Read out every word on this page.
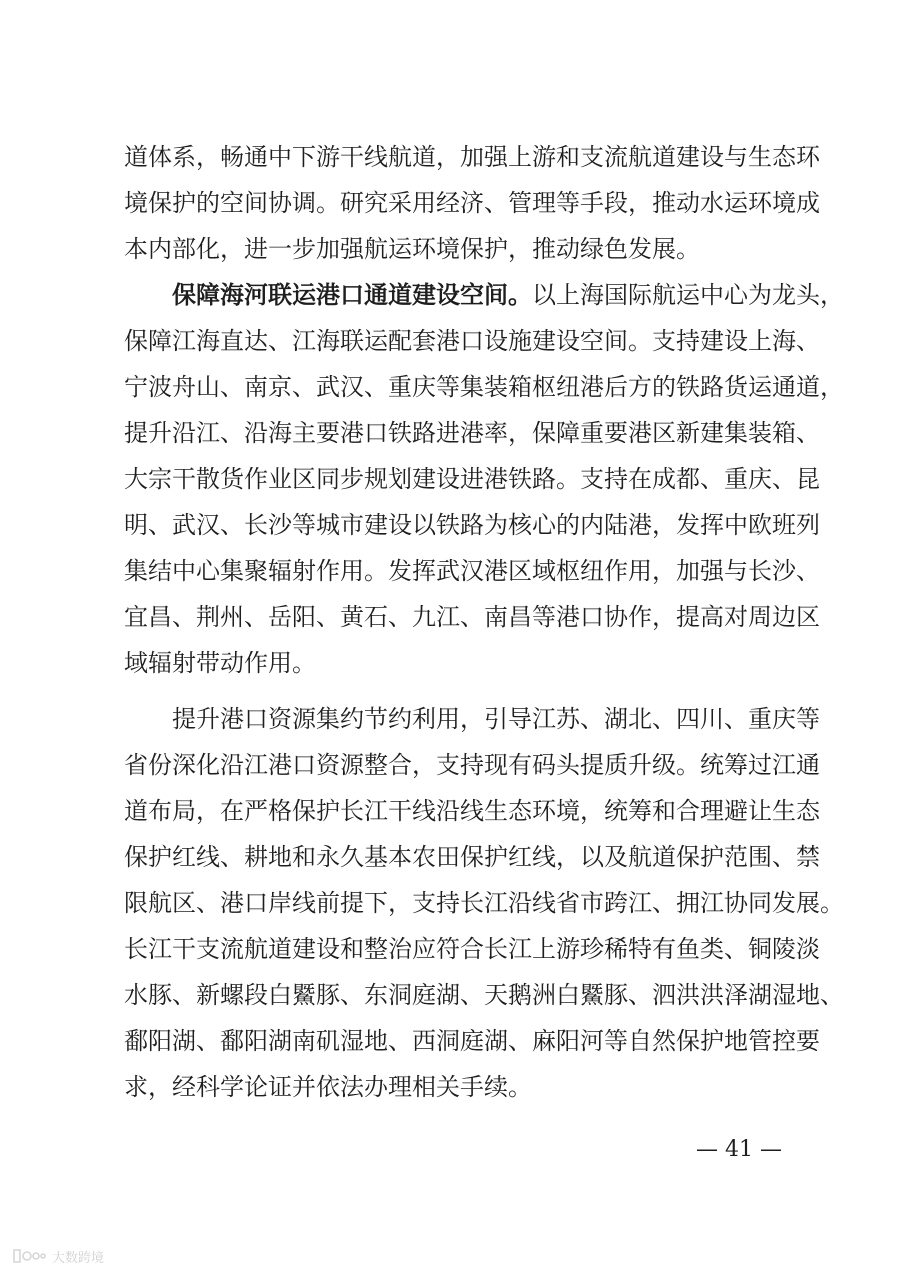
道体系，畅通中下游干线航道，加强上游和支流航道建设与生态环
境保护的空间协调。研究采用经济、管理等手段，推动水运环境成
本内部化，进一步加强航运环境保护，推动绿色发展。
保障海河联运港口通道建设空间。以上海国际航运中心为龙头，
保障江海直达、江海联运配套港口设施建设空间。支持建设上海、
宁波舟山、南京、武汉、重庆等集装箱枢纽港后方的铁路货运通道，
提升沿江、沿海主要港口铁路进港率，保障重要港区新建集装箱、
大宗干散货作业区同步规划建设进港铁路。支持在成都、重庆、昆
明、武汉、长沙等城市建设以铁路为核心的内陆港，发挥中欧班列
集结中心集聚辐射作用。发挥武汉港区域枢纽作用，加强与长沙、
宜昌、荆州、岳阳、黄石、九江、南昌等港口协作，提高对周边区
域辐射带动作用。
提升港口资源集约节约利用，引导江苏、湖北、四川、重庆等
省份深化沿江港口资源整合，支持现有码头提质升级。统筹过江通
道布局，在严格保护长江干线沿线生态环境，统筹和合理避让生态
保护红线、耕地和永久基本农田保护红线，以及航道保护范围、禁
限航区、港口岸线前提下，支持长江沿线省市跨江、拥江协同发展。
长江干支流航道建设和整治应符合长江上游珍稀特有鱼类、铜陵淡
水豚、新螺段白鱀豚、东洞庭湖、天鹅洲白鱀豚、泗洪洪泽湖湿地、
鄱阳湖、鄱阳湖南矶湿地、西洞庭湖、麻阳河等自然保护地管控要
求，经科学论证并依法办理相关手续。
— 41 —
大数跨境
